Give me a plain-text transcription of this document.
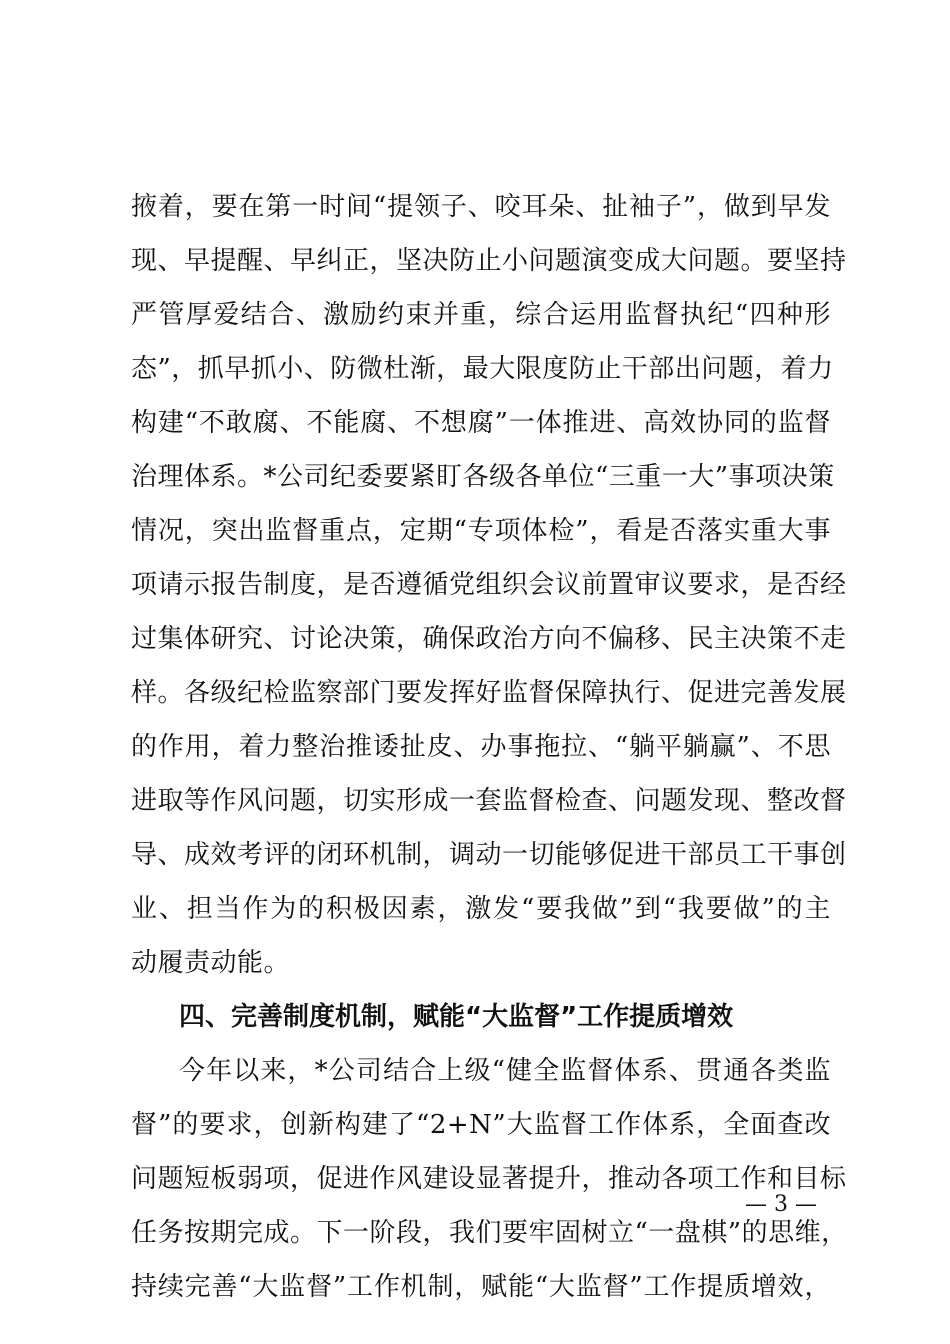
掖着，要在第一时间“提领子、咬耳朵、扯袖子”，做到早发
现、早提醒、早纠正，坚决防止小问题演变成大问题。要坚持
严管厚爱结合、激励约束并重，综合运用监督执纪“四种形
态”，抓早抓小、防微杜渐，最大限度防止干部出问题，着力
构建“不敢腐、不能腐、不想腐”一体推进、高效协同的监督
治理体系。*公司纪委要紧盯各级各单位“三重一大”事项决策
情况，突出监督重点，定期“专项体检”，看是否落实重大事
项请示报告制度，是否遵循党组织会议前置审议要求，是否经
过集体研究、讨论决策，确保政治方向不偏移、民主决策不走
样。各级纪检监察部门要发挥好监督保障执行、促进完善发展
的作用，着力整治推诿扯皮、办事拖拉、“躺平躺赢”、不思
进取等作风问题，切实形成一套监督检查、问题发现、整改督
导、成效考评的闭环机制，调动一切能够促进干部员工干事创
业、担当作为的积极因素，激发“要我做”到“我要做”的主
动履责动能。
四、完善制度机制，赋能“大监督”工作提质增效
今年以来，*公司结合上级“健全监督体系、贯通各类监
督”的要求，创新构建了“2+N”大监督工作体系，全面查改
问题短板弱项，促进作风建设显著提升，推动各项工作和目标
任务按期完成。下一阶段，我们要牢固树立“一盘棋”的思维，
持续完善“大监督”工作机制，赋能“大监督”工作提质增效，
— 3 —
